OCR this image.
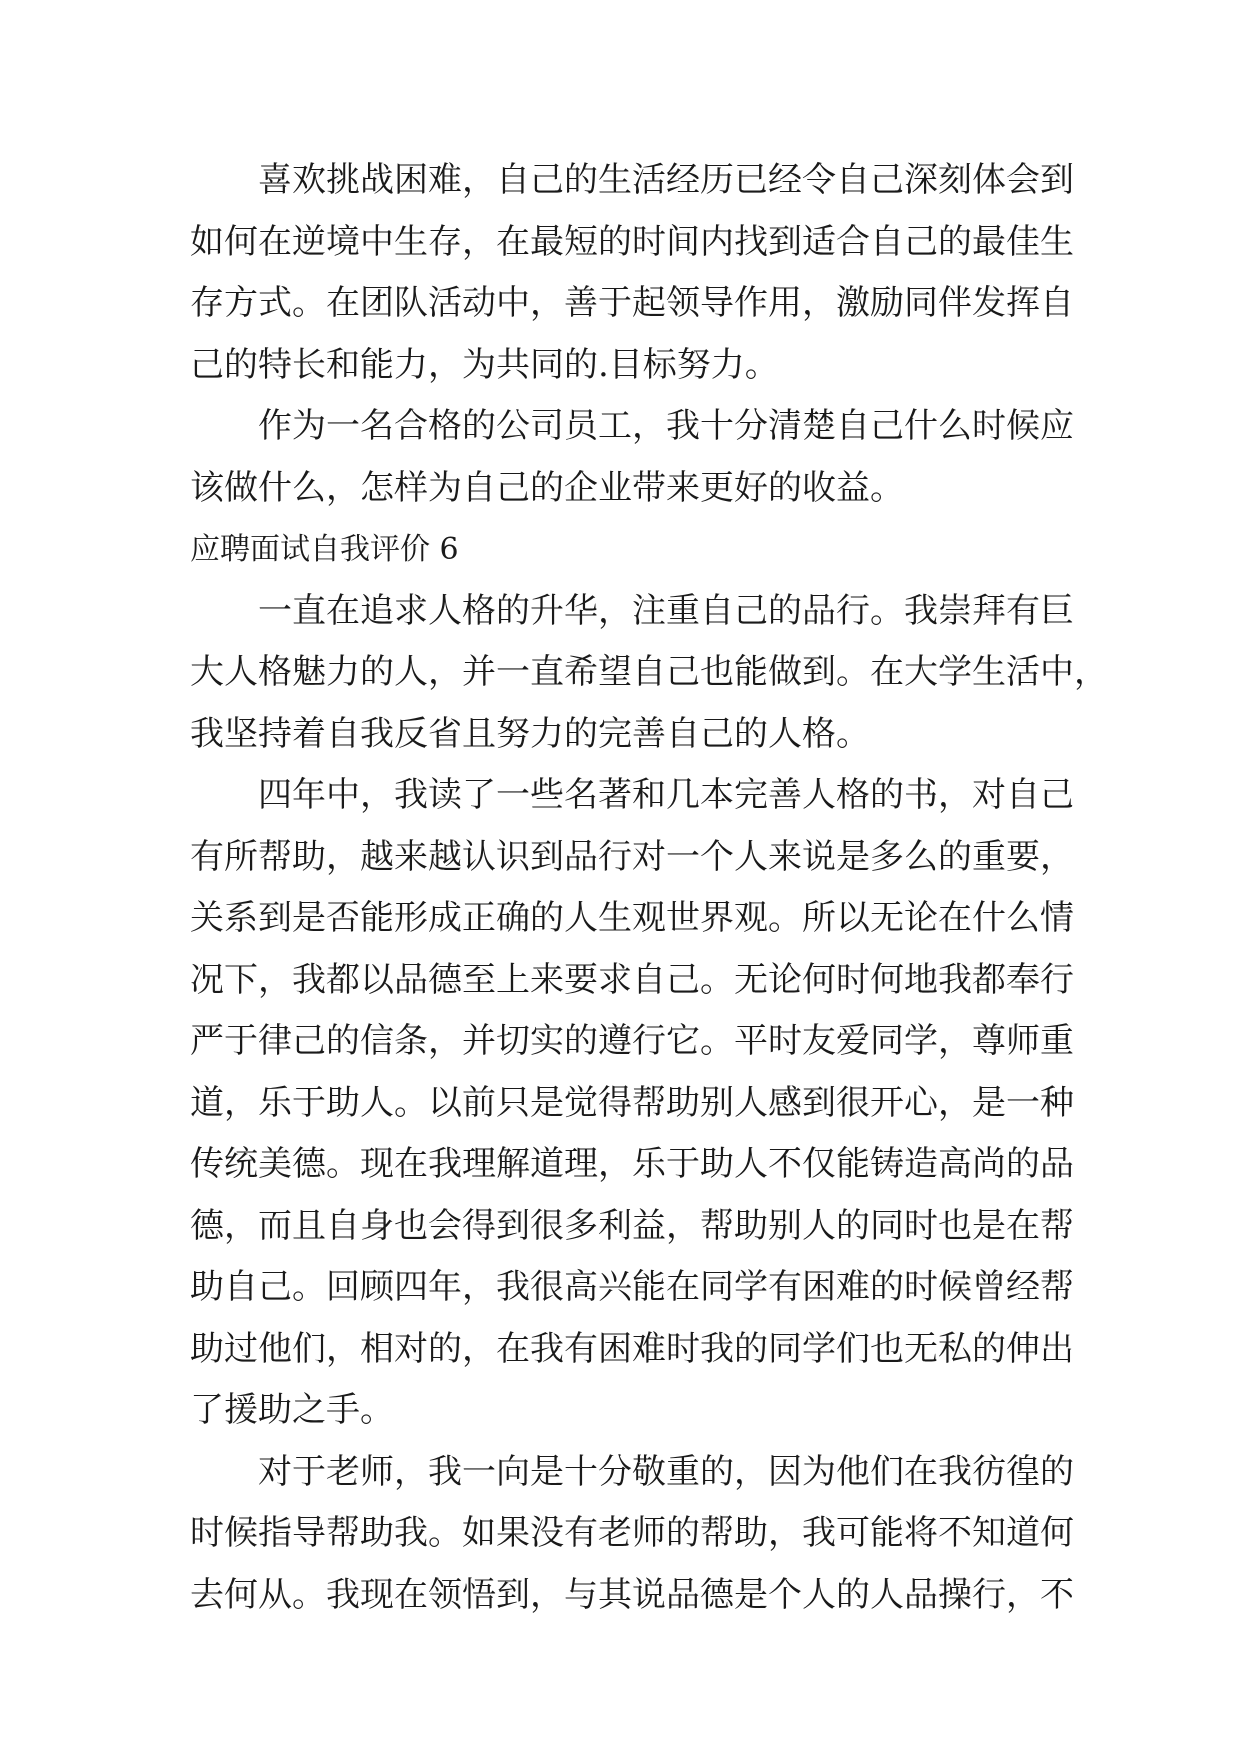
喜欢挑战困难，自己的生活经历已经令自己深刻体会到
如何在逆境中生存，在最短的时间内找到适合自己的最佳生
存方式。在团队活动中，善于起领导作用，激励同伴发挥自
己的特长和能力，为共同的.目标努力。
作为一名合格的公司员工，我十分清楚自己什么时候应
该做什么，怎样为自己的企业带来更好的收益。
应聘面试自我评价 6
一直在追求人格的升华，注重自己的品行。我崇拜有巨
大人格魅力的人，并一直希望自己也能做到。在大学生活中，
我坚持着自我反省且努力的完善自己的人格。
四年中，我读了一些名著和几本完善人格的书，对自己
有所帮助，越来越认识到品行对一个人来说是多么的重要，
关系到是否能形成正确的人生观世界观。所以无论在什么情
况下，我都以品德至上来要求自己。无论何时何地我都奉行
严于律己的信条，并切实的遵行它。平时友爱同学，尊师重
道，乐于助人。以前只是觉得帮助别人感到很开心，是一种
传统美德。现在我理解道理，乐于助人不仅能铸造高尚的品
德，而且自身也会得到很多利益，帮助别人的同时也是在帮
助自己。回顾四年，我很高兴能在同学有困难的时候曾经帮
助过他们，相对的，在我有困难时我的同学们也无私的伸出
了援助之手。
对于老师，我一向是十分敬重的，因为他们在我彷徨的
时候指导帮助我。如果没有老师的帮助，我可能将不知道何
去何从。我现在领悟到，与其说品德是个人的人品操行，不
